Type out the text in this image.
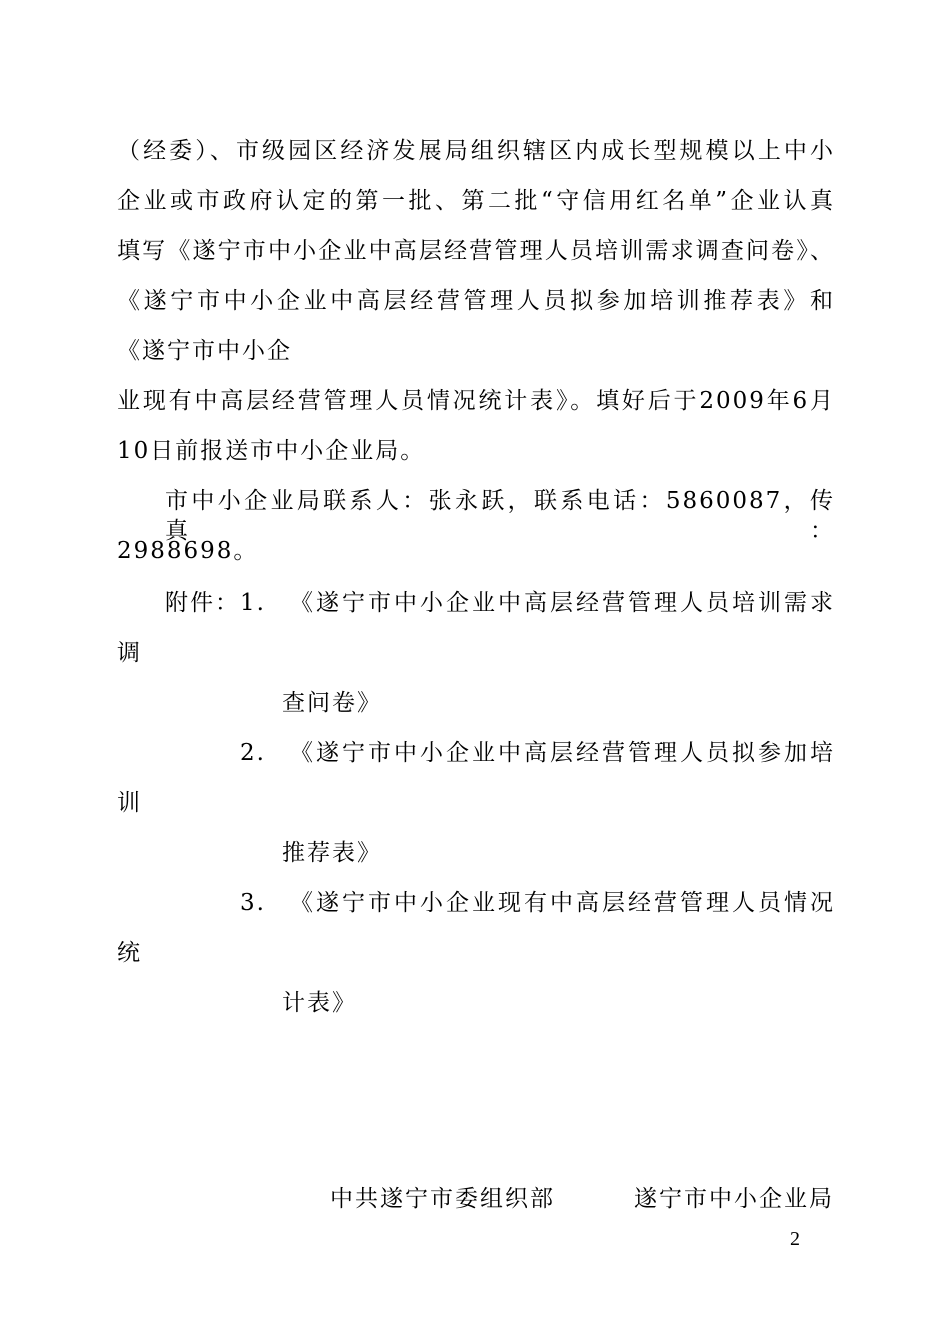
（经委）、市级园区经济发展局组织辖区内成长型规模以上中小
企业或市政府认定的第一批、第二批“守信用红名单”企业认真
填写《遂宁市中小企业中高层经营管理人员培训需求调查问卷》、
《遂宁市中小企业中高层经营管理人员拟参加培训推荐表》和
《遂宁市中小企
业现有中高层经营管理人员情况统计表》。填好后于2009年6月
10日前报送市中小企业局。
市中小企业局联系人：张永跃，联系电话：5860087，传真：
2988698。
附件： 1. 《遂宁市中小企业中高层经营管理人员培训需求
调
查问卷》
2. 《遂宁市中小企业中高层经营管理人员拟参加培
训
推荐表》
3. 《遂宁市中小企业现有中高层经营管理人员情况
统
计表》
中共遂宁市委组织部	遂宁市中小企业局
2
